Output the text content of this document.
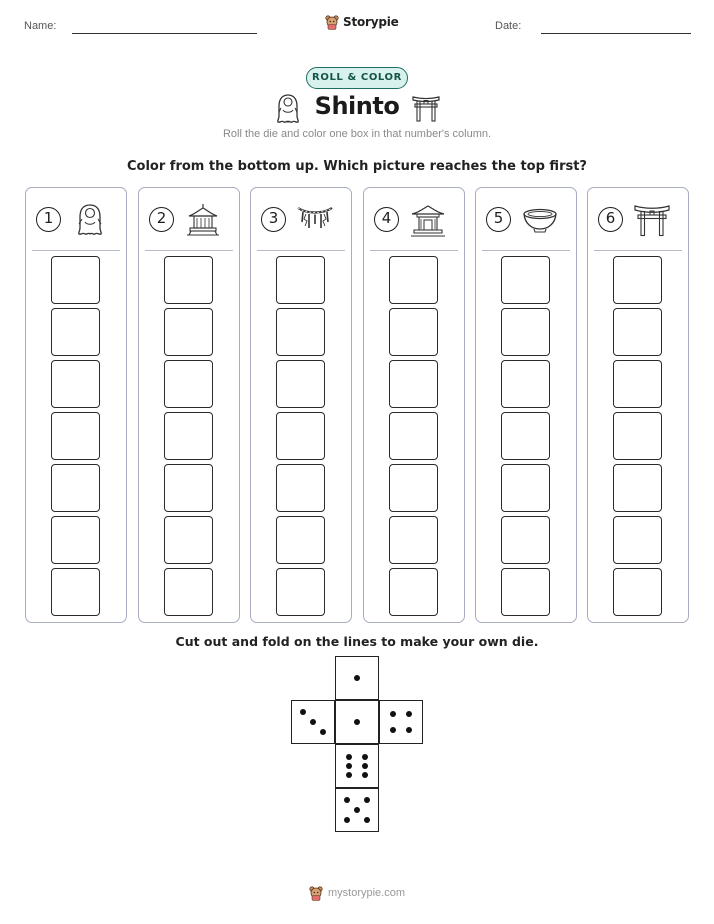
Name:	Storypie	Date:
ROLL & COLOR
Shinto
Roll the die and color one box in that number's column.
Color from the bottom up. Which picture reaches the top first?
1	2	3	4	5	6
Cut out and fold on the lines to make your own die.
mystorypie.com
